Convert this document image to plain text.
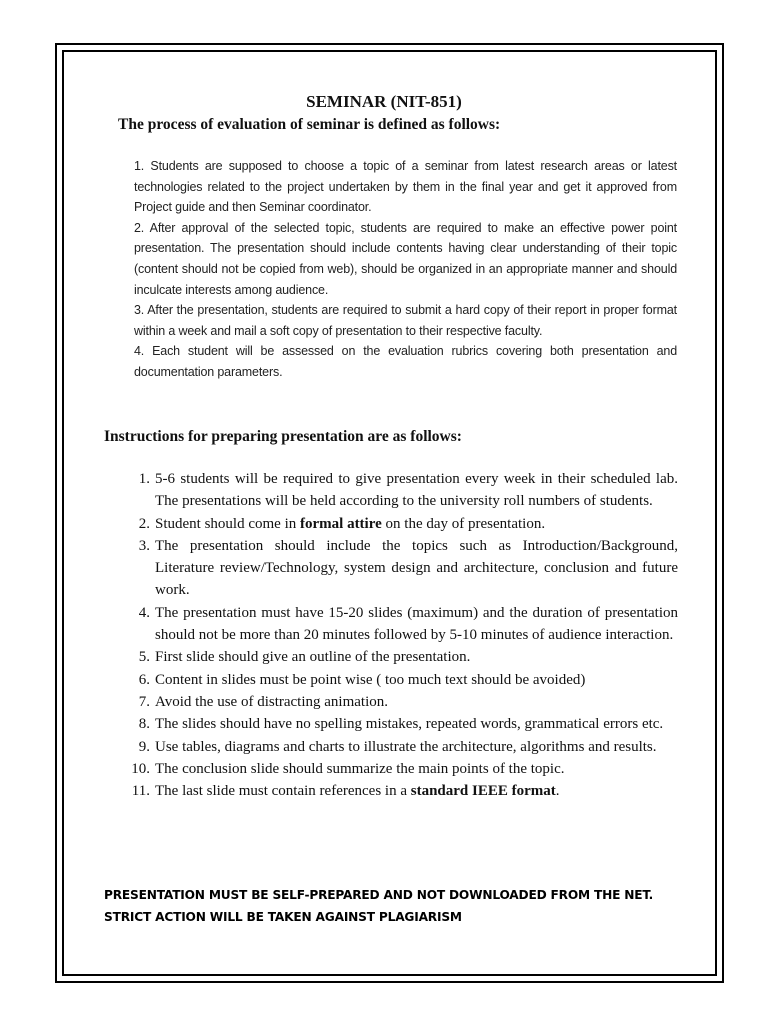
SEMINAR (NIT-851)
The process of evaluation of seminar is defined as follows:
1. Students are supposed to choose a topic of a seminar from latest research areas or latest technologies related to the project undertaken by them in the final year and get it approved from Project guide and then Seminar coordinator.
2. After approval of the selected topic, students are required to make an effective power point presentation. The presentation should include contents having clear understanding of their topic (content should not be copied from web), should be organized in an appropriate manner and should inculcate interests among audience.
3. After the presentation, students are required to submit a hard copy of their report in proper format within a week and mail a soft copy of presentation to their respective faculty.
4. Each student will be assessed on the evaluation rubrics covering both presentation and documentation parameters.
Instructions for preparing presentation are as follows:
1. 5-6 students will be required to give presentation every week in their scheduled lab. The presentations will be held according to the university roll numbers of students.
2. Student should come in formal attire on the day of presentation.
3. The presentation should include the topics such as Introduction/Background, Literature review/Technology, system design and architecture, conclusion and future work.
4. The presentation must have 15-20 slides (maximum) and the duration of presentation should not be more than 20 minutes followed by 5-10 minutes of audience interaction.
5. First slide should give an outline of the presentation.
6. Content in slides must be point wise ( too much text should be avoided)
7. Avoid the use of distracting animation.
8. The slides should have no spelling mistakes, repeated words, grammatical errors etc.
9. Use tables, diagrams and charts to illustrate the architecture, algorithms and results.
10. The conclusion slide should summarize the main points of the topic.
11. The last slide must contain references in a standard IEEE format.
PRESENTATION MUST BE SELF-PREPARED AND NOT DOWNLOADED FROM THE NET. STRICT ACTION WILL BE TAKEN AGAINST PLAGIARISM
